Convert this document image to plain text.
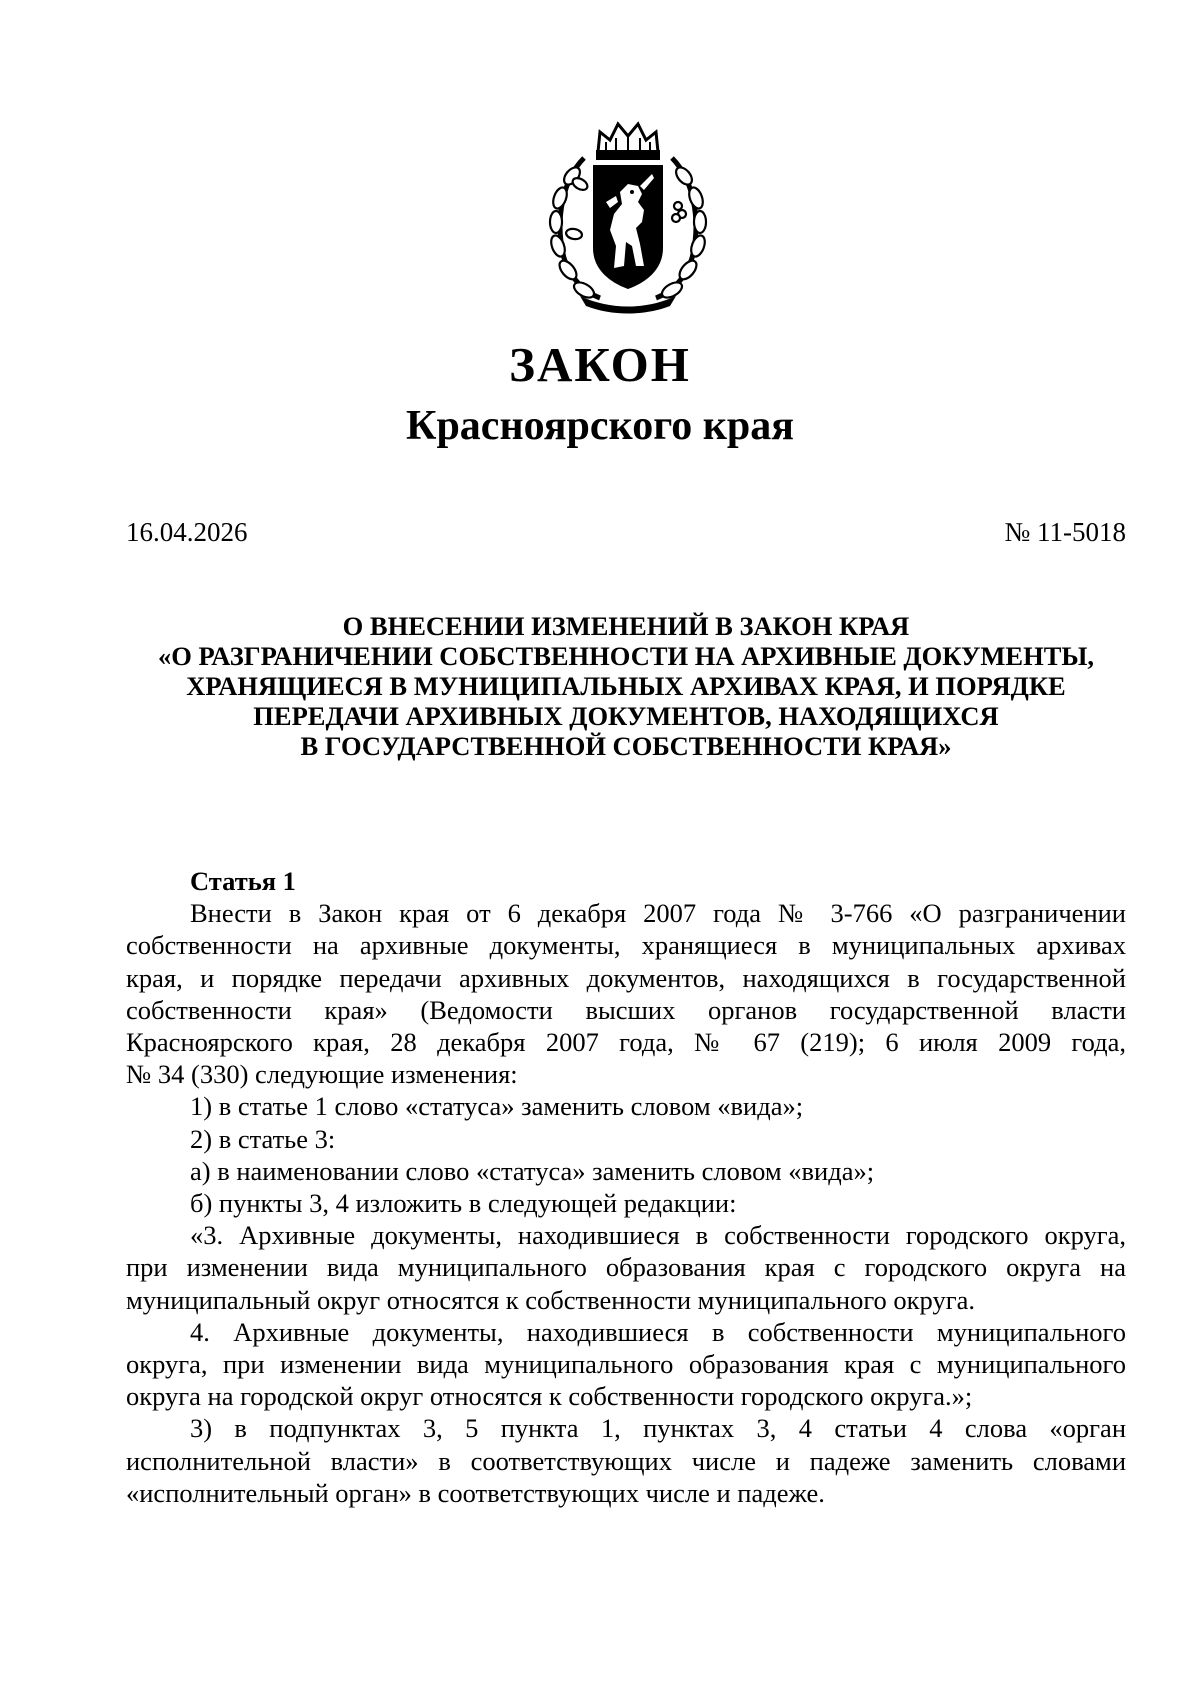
ЗАКОН
Красноярского края
16.04.2026	№ 11-5018
О ВНЕСЕНИИ ИЗМЕНЕНИЙ В ЗАКОН КРАЯ
«О РАЗГРАНИЧЕНИИ СОБСТВЕННОСТИ НА АРХИВНЫЕ ДОКУМЕНТЫ,
ХРАНЯЩИЕСЯ В МУНИЦИПАЛЬНЫХ АРХИВАХ КРАЯ, И ПОРЯДКЕ
ПЕРЕДАЧИ АРХИВНЫХ ДОКУМЕНТОВ, НАХОДЯЩИХСЯ
В ГОСУДАРСТВЕННОЙ СОБСТВЕННОСТИ КРАЯ»
Статья 1
Внести в Закон края от 6 декабря 2007 года № 3-766 «О разграничении
собственности на архивные документы, хранящиеся в муниципальных архивах
края, и порядке передачи архивных документов, находящихся в государственной
собственности края» (Ведомости высших органов государственной власти
Красноярского края, 28 декабря 2007 года, № 67 (219); 6 июля 2009 года,
№ 34 (330) следующие изменения:
1) в статье 1 слово «статуса» заменить словом «вида»;
2) в статье 3:
а) в наименовании слово «статуса» заменить словом «вида»;
б) пункты 3, 4 изложить в следующей редакции:
«3. Архивные документы, находившиеся в собственности городского округа,
при изменении вида муниципального образования края с городского округа на
муниципальный округ относятся к собственности муниципального округа.
4. Архивные документы, находившиеся в собственности муниципального
округа, при изменении вида муниципального образования края с муниципального
округа на городской округ относятся к собственности городского округа.»;
3) в подпунктах 3, 5 пункта 1, пунктах 3, 4 статьи 4 слова «орган
исполнительной власти» в соответствующих числе и падеже заменить словами
«исполнительный орган» в соответствующих числе и падеже.
